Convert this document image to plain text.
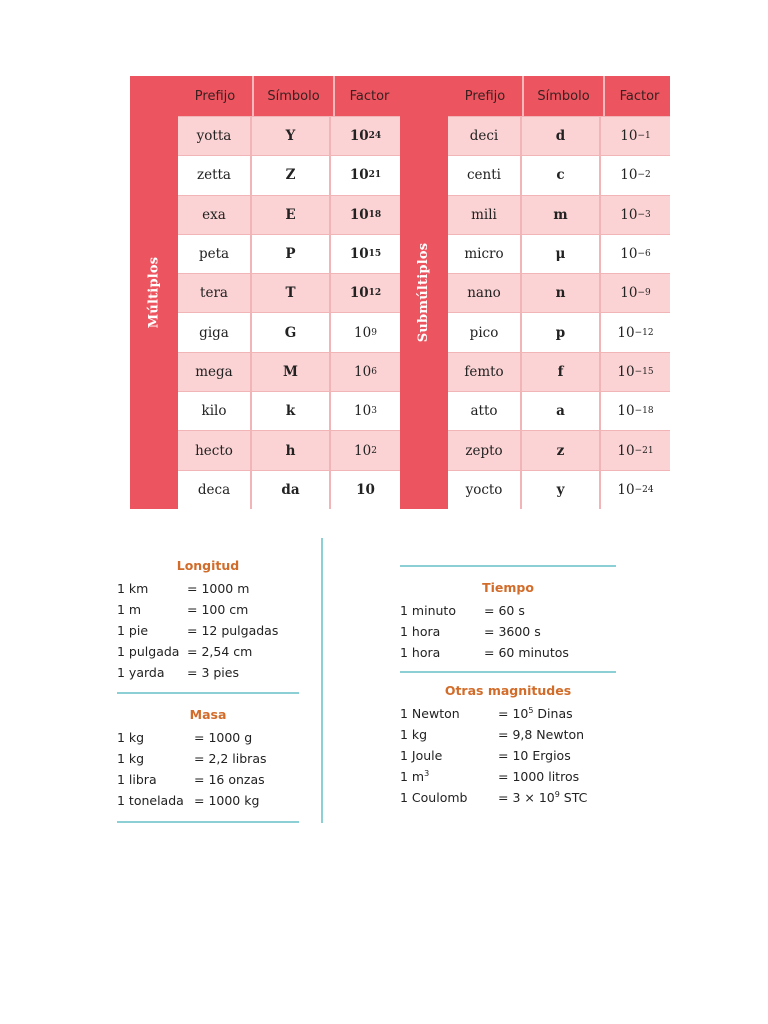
Múltiplos
Prefijo	Símbolo	Factor
yotta	Y	10 24
zetta	Z	10 21
exa	E	10 18
peta	P	10 15
tera	T	10 12
giga	G	10 9
mega	M	10 6
kilo	k	10 3
hecto	h	10 2
deca	da	10
Submúltiplos
Prefijo	Símbolo	Factor
deci	d	10 −1
centi	c	10 −2
mili	m	10 −3
micro	μ	10 −6
nano	n	10 −9
pico	p	10 −12
femto	f	10 −15
atto	a	10 −18
zepto	z	10 −21
yocto	y	10 −24
Longitud
1 km	= 1000 m
1 m	= 100 cm
1 pie	= 12 pulgadas
1 pulgada = 2,54 cm
1 yarda	= 3 pies
Masa
1 kg	= 1000 g
1 kg	= 2,2 libras
1 libra	= 16 onzas
1 tonelada = 1000 kg
Tiempo
1 minuto	= 60 s
1 hora	= 3600 s
1 hora	= 60 minutos
Otras magnitudes
1 Newton	= $10^5$ Dinas
1 kg	= 9,8 Newton
1 Joule	= 10 Ergios
1 $m^3$	= 1000 litros
1 Coulomb	= $3 \times 10^9$ STC
